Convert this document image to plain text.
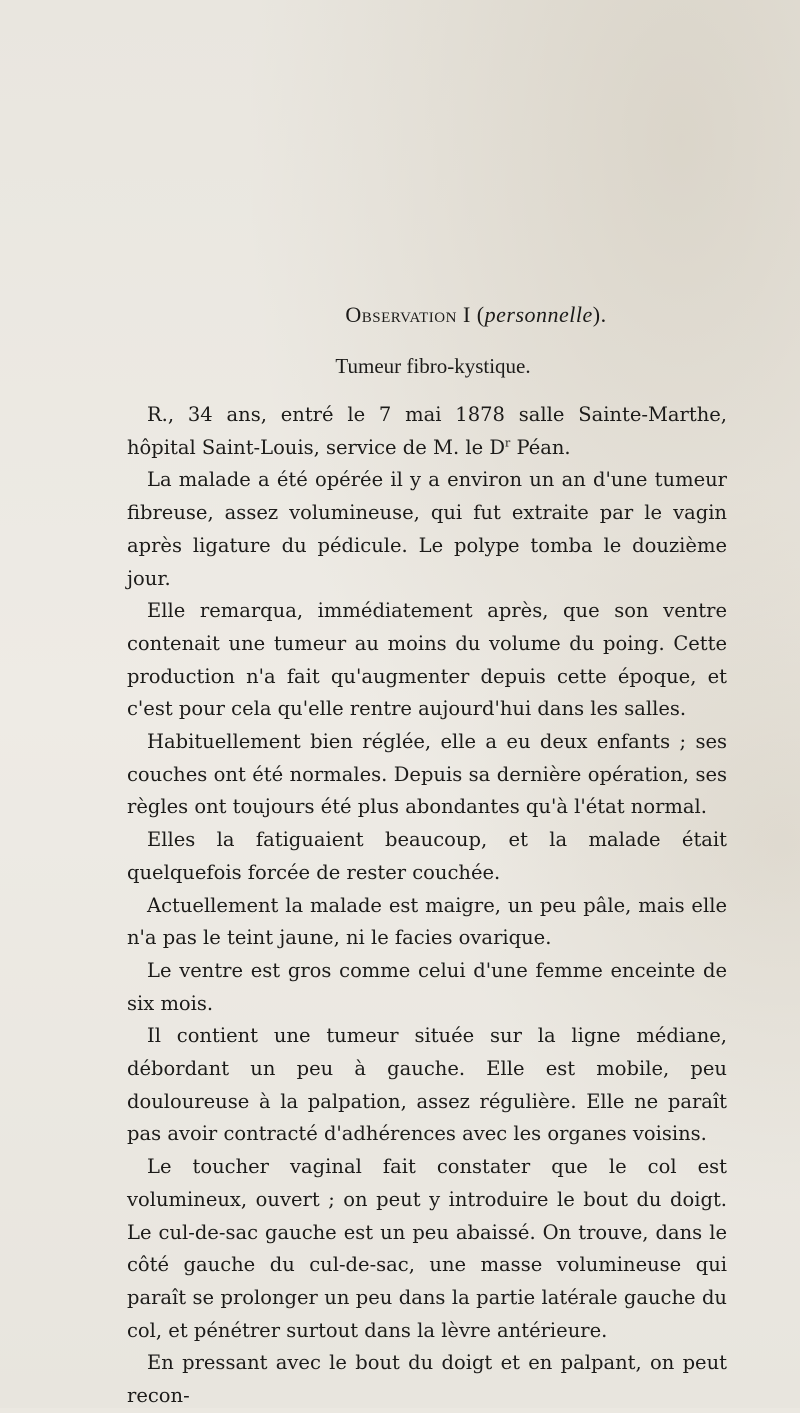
Observation I (personnelle).

Tumeur fibro-kystique.

R., 34 ans, entré le 7 mai 1878 salle Sainte-Marthe, hôpital Saint-Louis, service de M. le $D^r$ Péan.

La malade a été opérée il y a environ un an d'une tumeur fibreuse, assez volumineuse, qui fut extraite par le vagin après ligature du pédicule. Le polype tomba le douzième jour.

Elle remarqua, immédiatement après, que son ventre contenait une tumeur au moins du volume du poing. Cette production n'a fait qu'augmenter depuis cette époque, et c'est pour cela qu'elle rentre aujourd'hui dans les salles.

Habituellement bien réglée, elle a eu deux enfants ; ses couches ont été normales. Depuis sa dernière opération, ses règles ont toujours été plus abondantes qu'à l'état normal.

Elles la fatiguaient beaucoup, et la malade était quelquefois forcée de rester couchée.

Actuellement la malade est maigre, un peu pâle, mais elle n'a pas le teint jaune, ni le facies ovarique.

Le ventre est gros comme celui d'une femme enceinte de six mois.

Il contient une tumeur située sur la ligne médiane, débordant un peu à gauche. Elle est mobile, peu douloureuse à la palpation, assez régulière. Elle ne paraît pas avoir contracté d'adhérences avec les organes voisins.

Le toucher vaginal fait constater que le col est volumineux, ouvert ; on peut y introduire le bout du doigt. Le cul-de-sac gauche est un peu abaissé. On trouve, dans le côté gauche du cul-de-sac, une masse volumineuse qui paraît se prolonger un peu dans la partie latérale gauche du col, et pénétrer surtout dans la lèvre antérieure.

En pressant avec le bout du doigt et en palpant, on peut recon-
